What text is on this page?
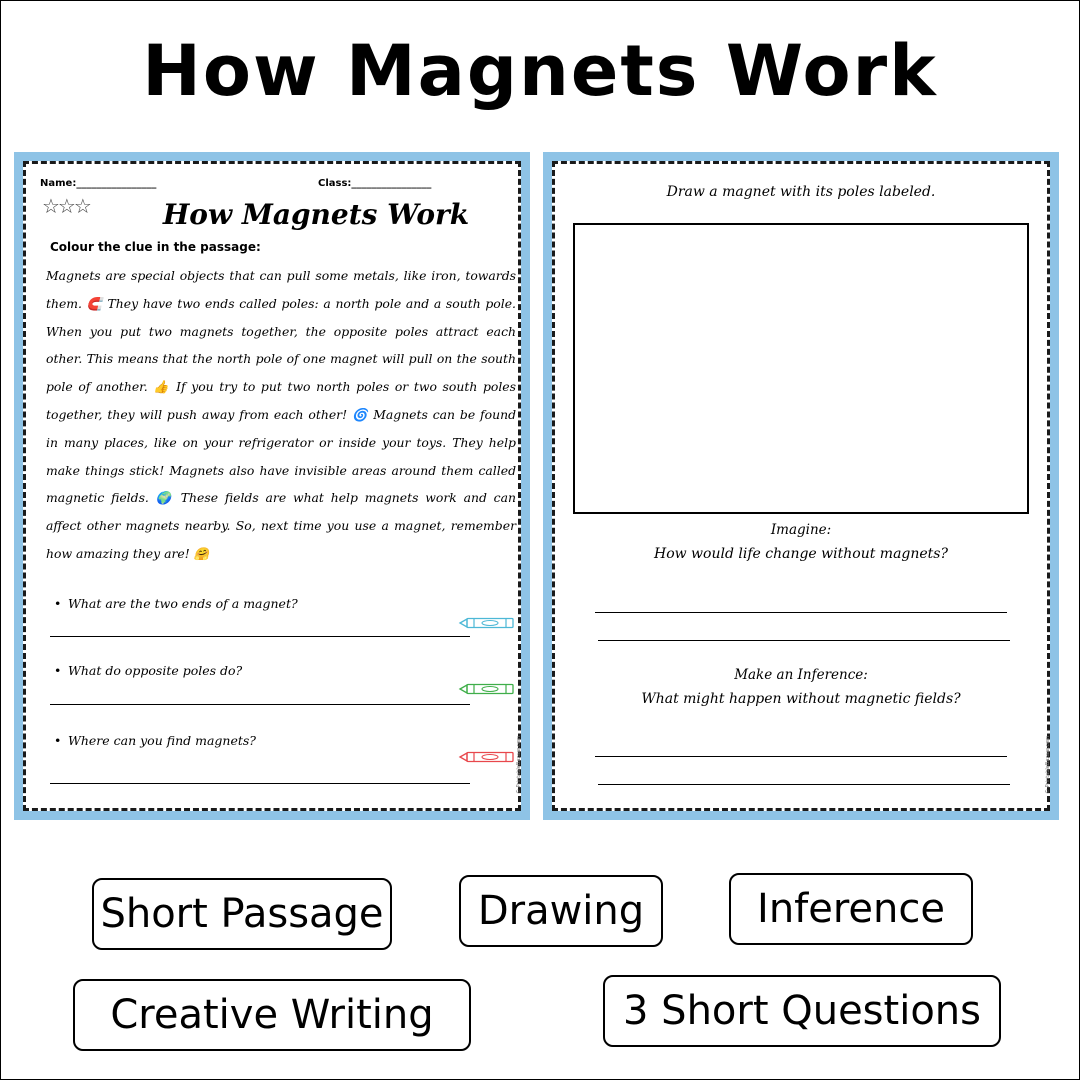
How Magnets Work
Name:________________	Class:________________
☆☆☆	How Magnets Work
Colour the clue in the passage:
Magnets are special objects that can pull some metals, like iron, towards them. 🧲 They have two ends called poles: a north pole and a south pole. When you put two magnets together, the opposite poles attract each other. This means that the north pole of one magnet will pull on the south pole of another. 👍 If you try to put two north poles or two south poles together, they will push away from each other! 🌀 Magnets can be found in many places, like on your refrigerator or inside your toys. They help make things stick! Magnets also have invisible areas around them called magnetic fields. 🌍 These fields are what help magnets work and can affect other magnets nearby. So, next time you use a magnet, remember how amazing they are! 🤗
• What are the two ends of a magnet?
• What do opposite poles do?
• Where can you find magnets?	© PrintableBazaar.com
Draw a magnet with its poles labeled.
Imagine:
How would life change without magnets?
Make an Inference:
What might happen without magnetic fields?
© PrintableBazaar.com
Short Passage	Drawing	Inference
Creative Writing	3 Short Questions
